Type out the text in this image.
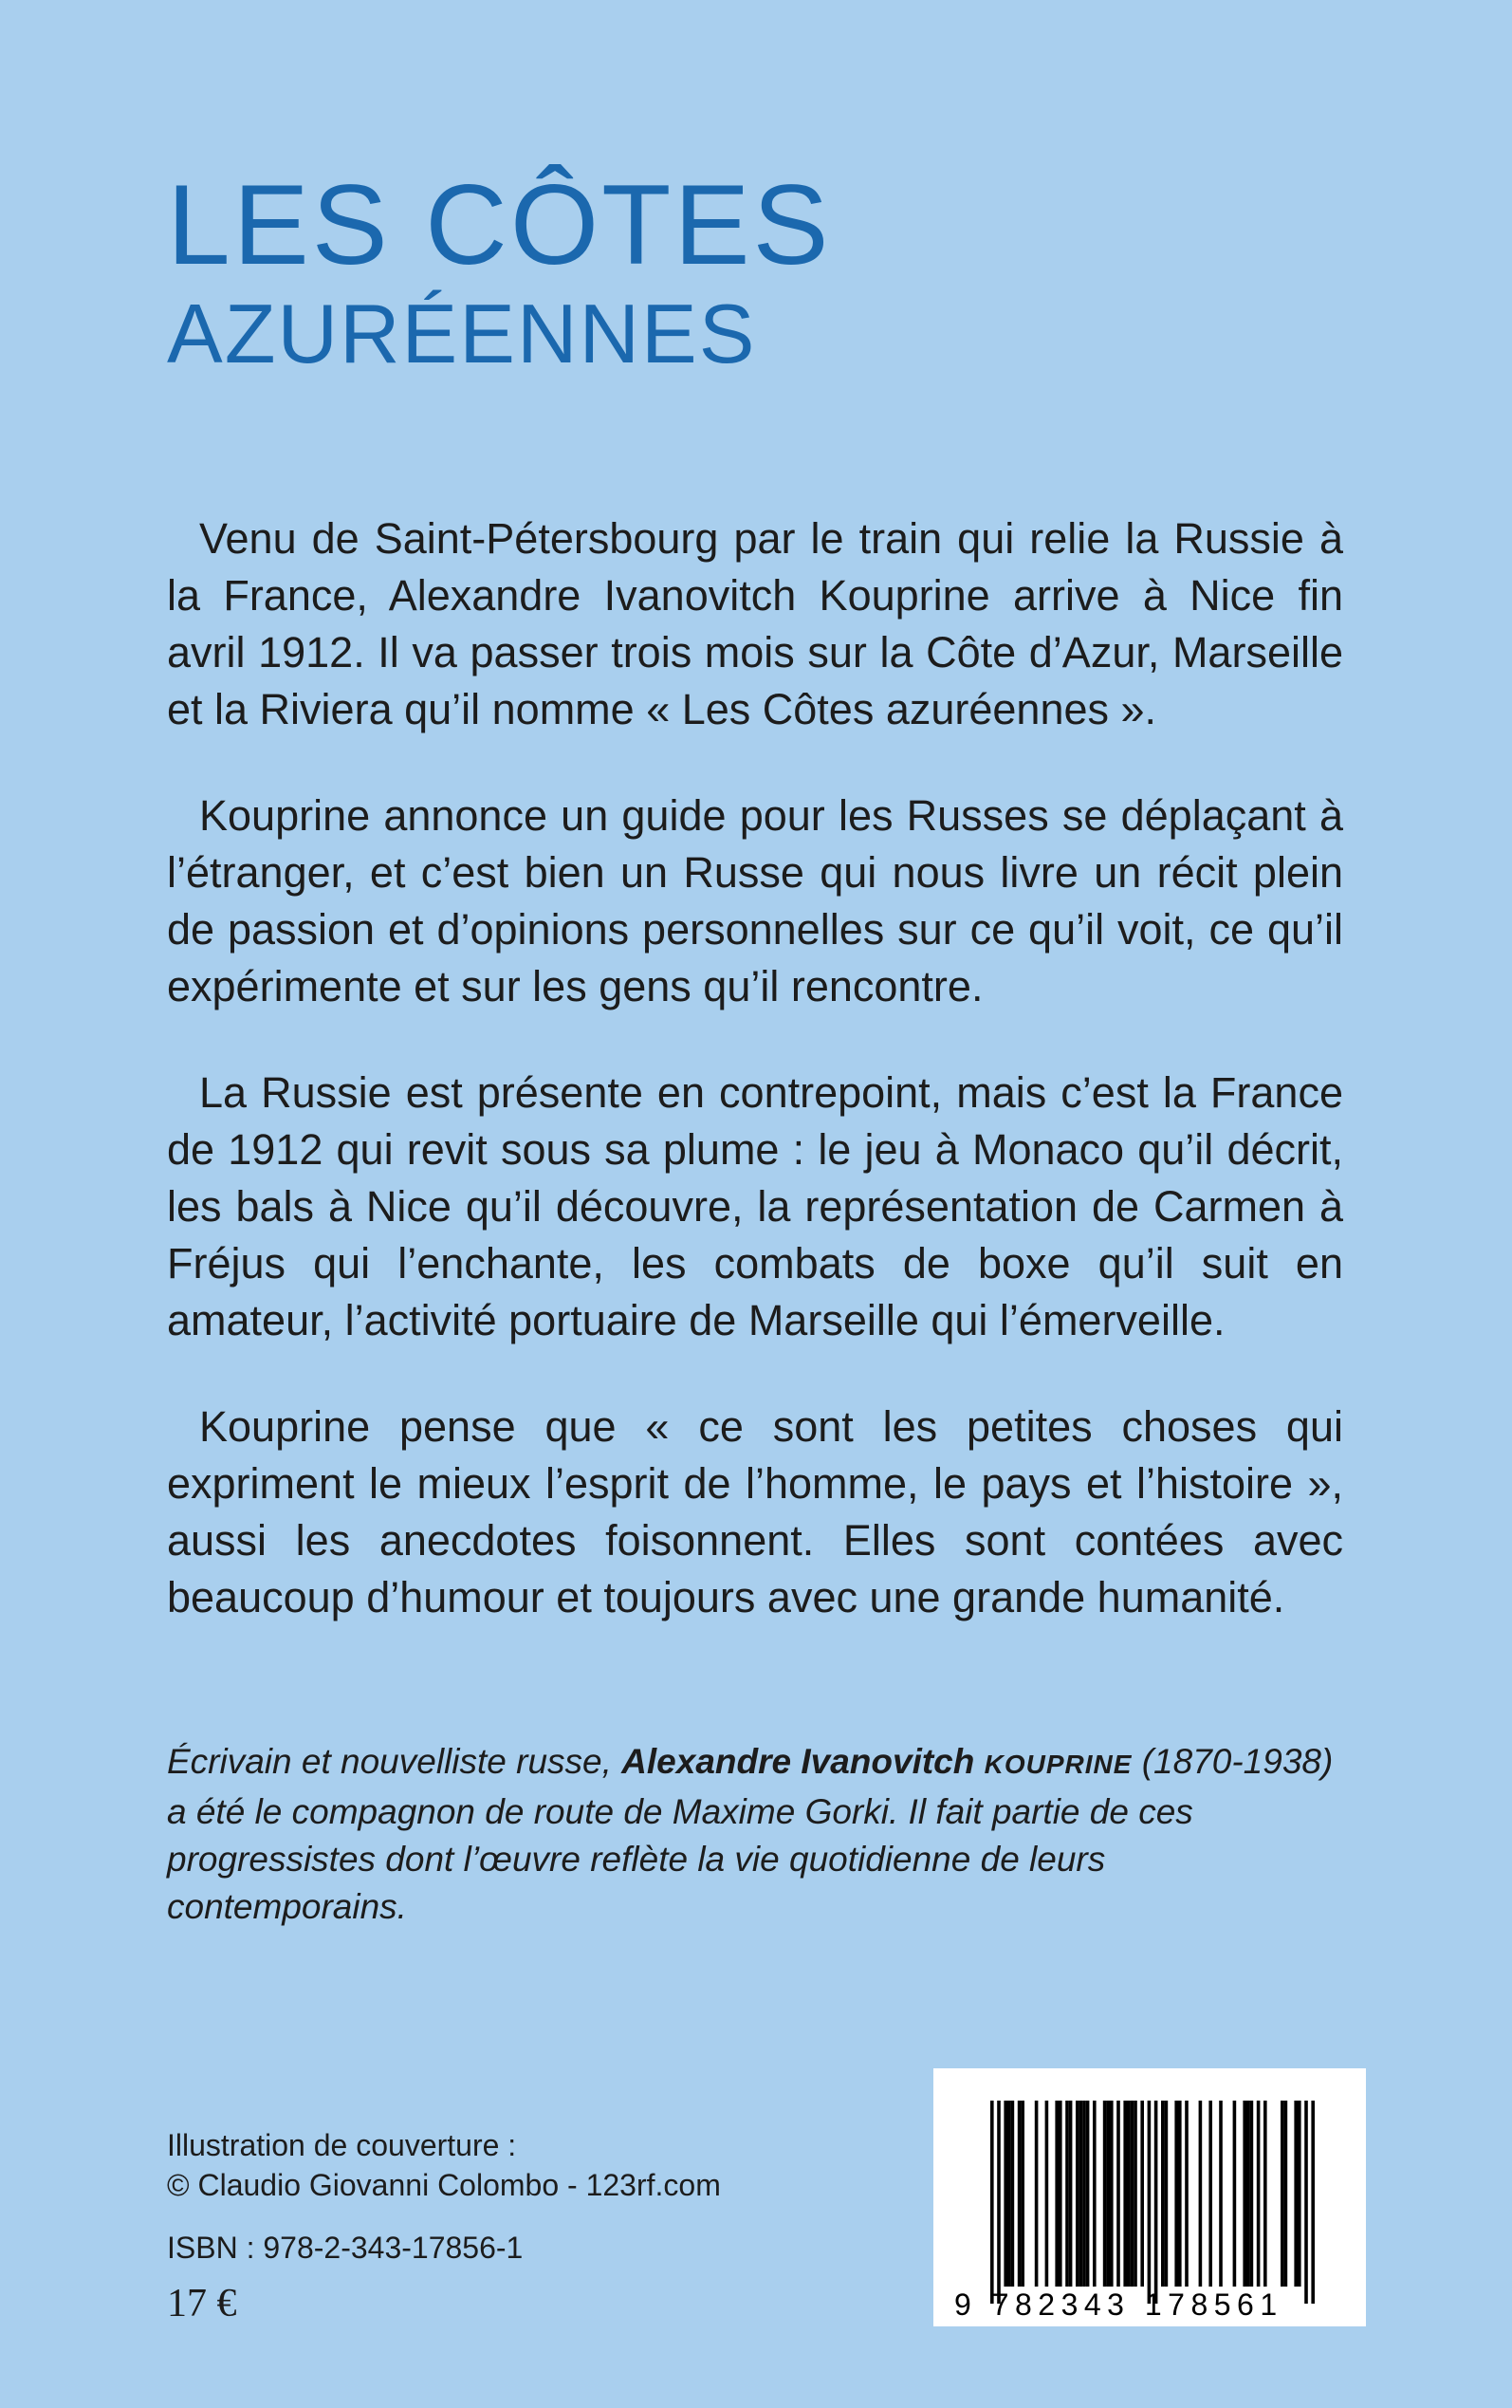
LES CÔTES
AZURÉENNES

Venu de Saint-Pétersbourg par le train qui relie la Russie à la France, Alexandre Ivanovitch Kouprine arrive à Nice fin avril 1912. Il va passer trois mois sur la Côte d’Azur, Marseille et la Riviera qu’il nomme « Les Côtes azuréennes ».

Kouprine annonce un guide pour les Russes se déplaçant à l’étranger, et c’est bien un Russe qui nous livre un récit plein de passion et d’opinions personnelles sur ce qu’il voit, ce qu’il expérimente et sur les gens qu’il rencontre.

La Russie est présente en contrepoint, mais c’est la France de 1912 qui revit sous sa plume : le jeu à Monaco qu’il décrit, les bals à Nice qu’il découvre, la représentation de Carmen à Fréjus qui l’enchante, les combats de boxe qu’il suit en amateur, l’activité portuaire de Marseille qui l’émerveille.

Kouprine pense que « ce sont les petites choses qui expriment le mieux l’esprit de l’homme, le pays et l’histoire », aussi les anecdotes foisonnent. Elles sont contées avec beaucoup d’humour et toujours avec une grande humanité.

Écrivain et nouvelliste russe, Alexandre Ivanovitch KOUPRINE (1870-1938) a été le compagnon de route de Maxime Gorki. Il fait partie de ces progressistes dont l’œuvre reflète la vie quotidienne de leurs contemporains.
Illustration de couverture :
© Claudio Giovanni Colombo - 123rf.com
ISBN : 978-2-343-17856-1
17 €	9 782343 178561
